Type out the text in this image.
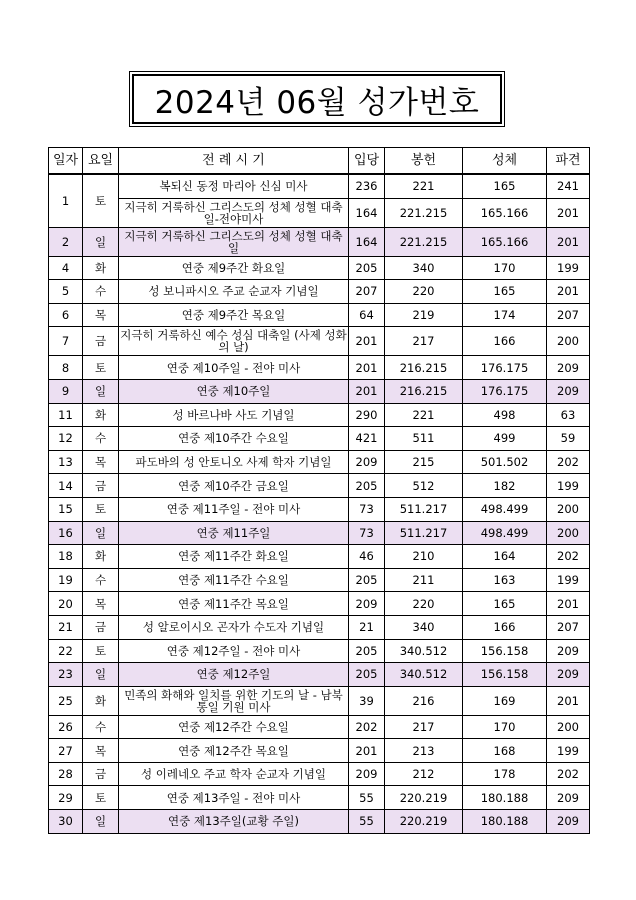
2024년 06월 성가번호
일자	요일	전 례 시 기	입당	봉헌	성체	파견
1	토	복되신 동정 마리아 신심 미사	236	221	165	241
		지극히 거룩하신 그리스도의 성체 성혈 대축일-전야미사	164	221.215	165.166	201
2	일	지극히 거룩하신 그리스도의 성체 성혈 대축일	164	221.215	165.166	201
4	화	연중 제9주간 화요일	205	340	170	199
5	수	성 보니파시오 주교 순교자 기념일	207	220	165	201
6	목	연중 제9주간 목요일	64	219	174	207
7	금	지극히 거룩하신 예수 성심 대축일 (사제 성화의 날)	201	217	166	200
8	토	연중 제10주일 - 전야 미사	201	216.215	176.175	209
9	일	연중 제10주일	201	216.215	176.175	209
11	화	성 바르나바 사도 기념일	290	221	498	63
12	수	연중 제10주간 수요일	421	511	499	59
13	목	파도바의 성 안토니오 사제 학자 기념일	209	215	501.502	202
14	금	연중 제10주간 금요일	205	512	182	199
15	토	연중 제11주일 - 전야 미사	73	511.217	498.499	200
16	일	연중 제11주일	73	511.217	498.499	200
18	화	연중 제11주간 화요일	46	210	164	202
19	수	연중 제11주간 수요일	205	211	163	199
20	목	연중 제11주간 목요일	209	220	165	201
21	금	성 알로이시오 곤자가 수도자 기념일	21	340	166	207
22	토	연중 제12주일 - 전야 미사	205	340.512	156.158	209
23	일	연중 제12주일	205	340.512	156.158	209
25	화	민족의 화해와 일치를 위한 기도의 날 - 남북통일 기원 미사	39	216	169	201
26	수	연중 제12주간 수요일	202	217	170	200
27	목	연중 제12주간 목요일	201	213	168	199
28	금	성 이레네오 주교 학자 순교자 기념일	209	212	178	202
29	토	연중 제13주일 - 전야 미사	55	220.219	180.188	209
30	일	연중 제13주일(교황 주일)	55	220.219	180.188	209
